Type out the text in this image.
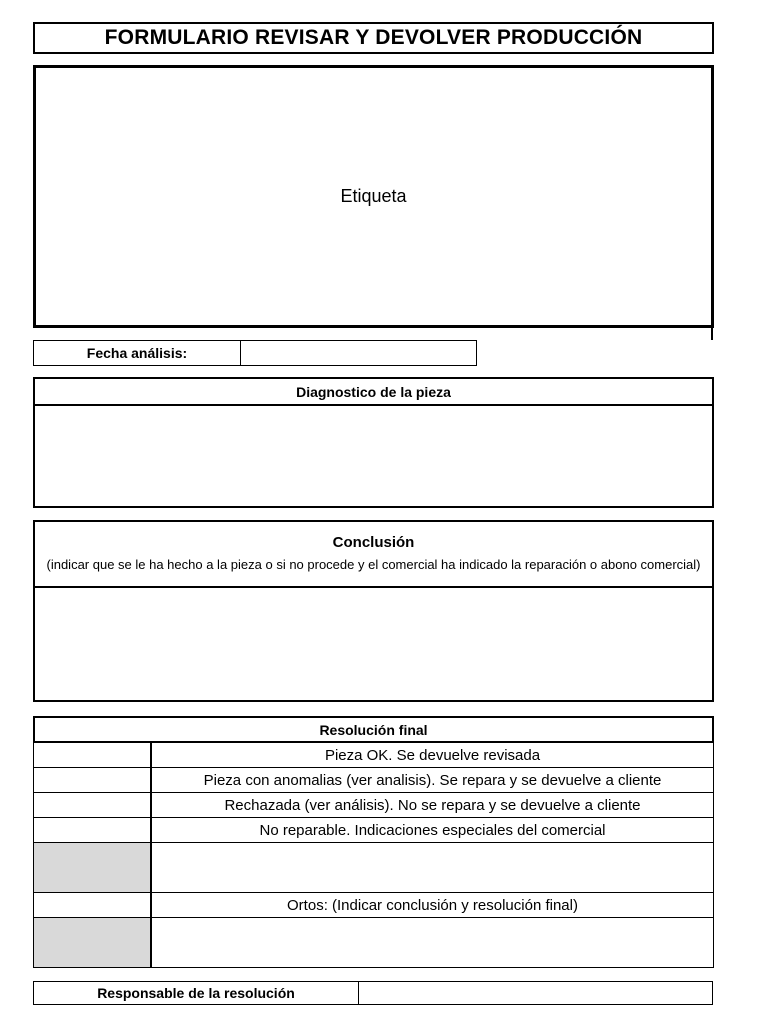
FORMULARIO REVISAR Y DEVOLVER PRODUCCIÓN
Etiqueta
Fecha análisis:
Diagnostico de la pieza
Conclusión
(indicar que se le ha hecho a la pieza o si no procede y el comercial ha indicado la reparación o abono comercial)
Resolución final
Pieza OK. Se devuelve revisada
Pieza con anomalias (ver analisis). Se repara y se devuelve a cliente
Rechazada (ver análisis). No se repara y se devuelve a cliente
No reparable. Indicaciones especiales del comercial
Ortos: (Indicar conclusión y resolución final)
Responsable de la resolución
